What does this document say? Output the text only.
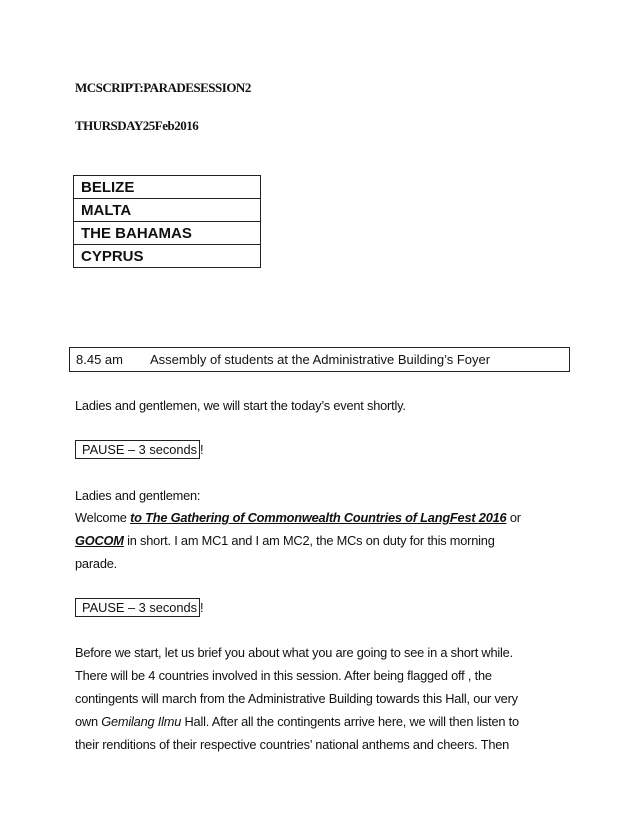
MCSCRIPT:PARADESESSION2
THURSDAY25Feb2016
BELIZE
MALTA
THE BAHAMAS
CYPRUS
8.45 am Assembly of students at the Administrative Building’s Foyer
Ladies and gentlemen, we will start the today’s event shortly.
PAUSE – 3 seconds !
Ladies and gentlemen:
Welcome to The Gathering of Commonwealth Countries of LangFest 2016 or
GOCOM in short. I am MC1 and I am MC2, the MCs on duty for this morning
parade.
PAUSE – 3 seconds !
Before we start, let us brief you about what you are going to see in a short while.
There will be 4 countries involved in this session. After being flagged off , the
contingents will march from the Administrative Building towards this Hall, our very
own Gemilang Ilmu Hall. After all the contingents arrive here, we will then listen to
their renditions of their respective countries’ national anthems and cheers. Then
